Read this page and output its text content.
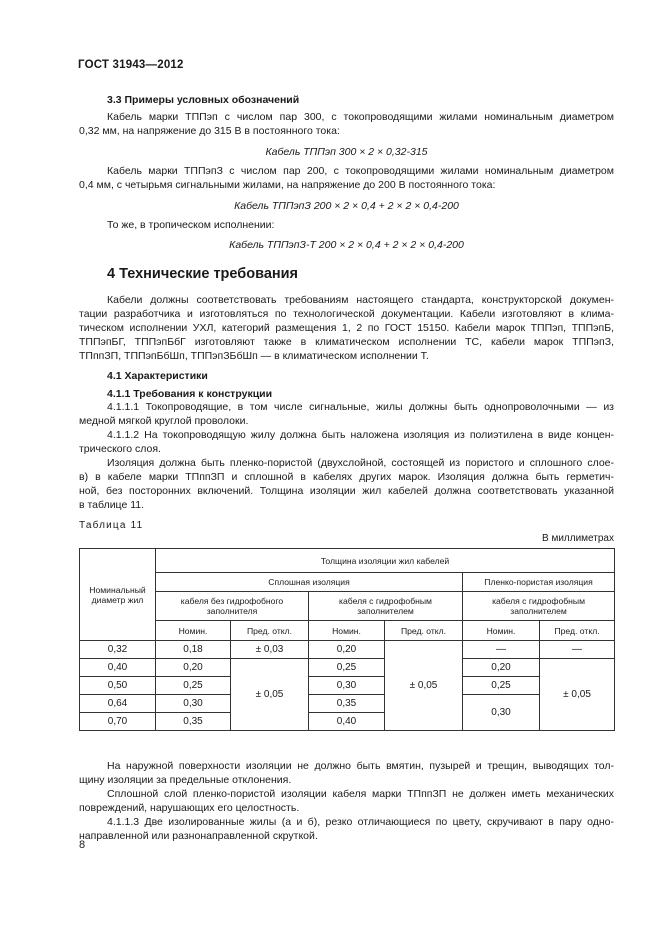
ГОСТ 31943—2012
3.3 Примеры условных обозначений
Кабель марки ТППэп с числом пар 300, с токопроводящими жилами номинальным диаметром
0,32 мм, на напряжение до 315 В в постоянного тока:
Кабель ТППэп 300 × 2 × 0,32-315
Кабель марки ТППэпЗ с числом пар 200, с токопроводящими жилами номинальным диаметром
0,4 мм, с четырьмя сигнальными жилами, на напряжение до 200 В постоянного тока:
Кабель ТППэпЗ 200 × 2 × 0,4 + 2 × 2 × 0,4-200
То же, в тропическом исполнении:
Кабель ТППэпЗ-Т 200 × 2 × 0,4 + 2 × 2 × 0,4-200
4 Технические требования
Кабели должны соответствовать требованиям настоящего стандарта, конструкторской докумен-
тации разработчика и изготовляться по технологической документации. Кабели изготовляют в клима-
тическом исполнении УХЛ, категорий размещения 1, 2 по ГОСТ 15150. Кабели марок ТППэп, ТППэпБ,
ТППэпБГ, ТППэпБбГ изготовляют также в климатическом исполнении ТС, кабели марок ТППэпЗ,
ТПппЗП, ТППэпБбШп, ТППэпЗБбШп — в климатическом исполнении Т.
4.1 Характеристики
4.1.1 Требования к конструкции
4.1.1.1 Токопроводящие, в том числе сигнальные, жилы должны быть однопроволочными — из
медной мягкой круглой проволоки.
4.1.1.2 На токопроводящую жилу должна быть наложена изоляция из полиэтилена в виде концен-
трического слоя.
Изоляция должна быть пленко-пористой (двухслойной, состоящей из пористого и сплошного слое-
в) в кабеле марки ТПппЗП и сплошной в кабелях других марок. Изоляция должна быть герметич-
ной, без посторонних включений. Толщина изоляции жил кабелей должна соответствовать указанной
в таблице 11.
Таблица 11
В миллиметрах
Номинальный диаметр жил	Толщина изоляции жил кабелей					
	Сплошная изоляция				Пленко-пористая изоляция	
	кабеля без гидрофобного заполнителя		кабеля с гидрофобным заполнителем		кабеля с гидрофобным заполнителем	
	Номин.	Пред. откл.	Номин.	Пред. откл.	Номин.	Пред. откл.
0,32	0,18	± 0,03	0,20	± 0,05	—	—
0,40	0,20	± 0,05	0,25		0,20	± 0,05
0,50	0,25		0,30		0,25	
0,64	0,30		0,35		0,30	
0,70	0,35		0,40			
На наружной поверхности изоляции не должно быть вмятин, пузырей и трещин, выводящих тол-
щину изоляции за предельные отклонения.
Сплошной слой пленко-пористой изоляции кабеля марки ТПппЗП не должен иметь механических
повреждений, нарушающих его целостность.
4.1.1.3 Две изолированные жилы (а и б), резко отличающиеся по цвету, скручивают в пару одно-
направленной или разнонаправленной скруткой.
8
